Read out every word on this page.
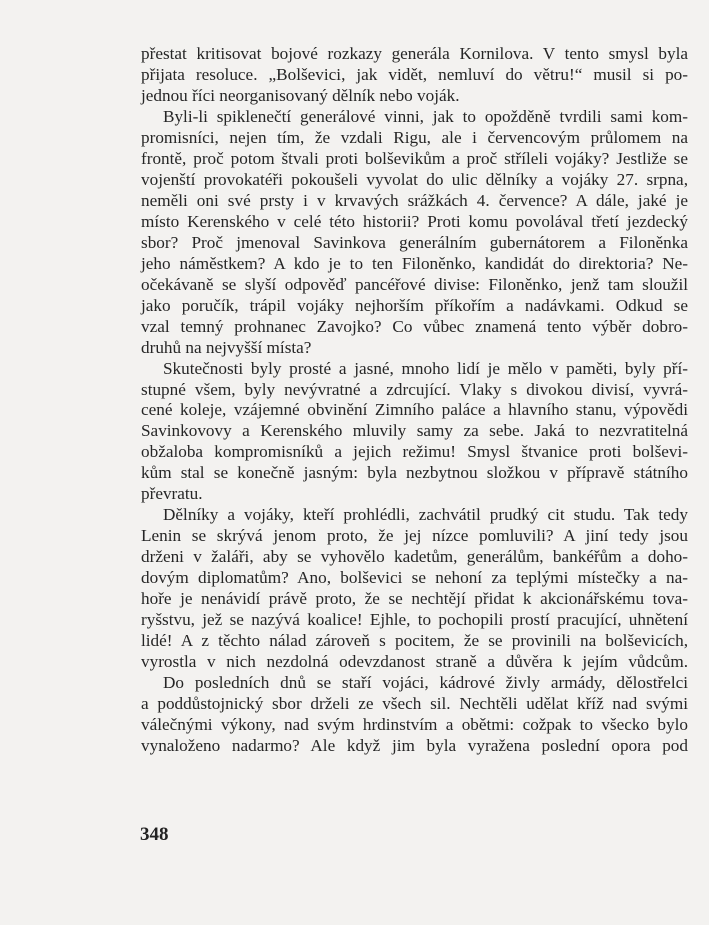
přestat kritisovat bojové rozkazy generála Kornilova. V tento smysl byla
přijata resoluce. „Bolševici, jak vidět, nemluví do větru!“ musil si po-
jednou říci neorganisovaný dělník nebo voják.
Byli-li spiklenečtí generálové vinni, jak to opožděně tvrdili sami kom-
promisníci, nejen tím, že vzdali Rigu, ale i červencovým průlomem na
frontě, proč potom štvali proti bolševikům a proč stříleli vojáky? Jestliže se
vojenští provokatéři pokoušeli vyvolat do ulic dělníky a vojáky 27. srpna,
neměli oni své prsty i v krvavých srážkách 4. července? A dále, jaké je
místo Kerenského v celé této historii? Proti komu povolával třetí jezdecký
sbor? Proč jmenoval Savinkova generálním gubernátorem a Filoněnka
jeho náměstkem? A kdo je to ten Filoněnko, kandidát do direktoria? Ne-
očekávaně se slyší odpověď pancéřové divise: Filoněnko, jenž tam sloužil
jako poručík, trápil vojáky nejhorším příkořím a nadávkami. Odkud se
vzal temný prohnanec Zavojko? Co vůbec znamená tento výběr dobro-
druhů na nejvyšší místa?
Skutečnosti byly prosté a jasné, mnoho lidí je mělo v paměti, byly pří-
stupné všem, byly nevývratné a zdrcující. Vlaky s divokou divisí, vyvrá-
cené koleje, vzájemné obvinění Zimního paláce a hlavního stanu, výpovědi
Savinkovovy a Kerenského mluvily samy za sebe. Jaká to nezvratitelná
obžaloba kompromisníků a jejich režimu! Smysl štvanice proti bolševi-
kům stal se konečně jasným: byla nezbytnou složkou v přípravě státního
převratu.
Dělníky a vojáky, kteří prohlédli, zachvátil prudký cit studu. Tak tedy
Lenin se skrývá jenom proto, že jej nízce pomluvili? A jiní tedy jsou
drženi v žaláři, aby se vyhovělo kadetům, generálům, bankéřům a doho-
dovým diplomatům? Ano, bolševici se nehoní za teplými místečky a na-
hoře je nenávidí právě proto, že se nechtějí přidat k akcionářskému tova-
ryšstvu, jež se nazývá koalice! Ejhle, to pochopili prostí pracující, uhnětení
lidé! A z těchto nálad zároveň s pocitem, že se provinili na bolševicích,
vyrostla v nich nezdolná odevzdanost straně a důvěra k jejím vůdcům.
Do posledních dnů se staří vojáci, kádrové živly armády, dělostřelci
a poddůstojnický sbor drželi ze všech sil. Nechtěli udělat kříž nad svými
válečnými výkony, nad svým hrdinstvím a obětmi: cožpak to všecko bylo
vynaloženo nadarmo? Ale když jim byla vyražena poslední opora pod
348
